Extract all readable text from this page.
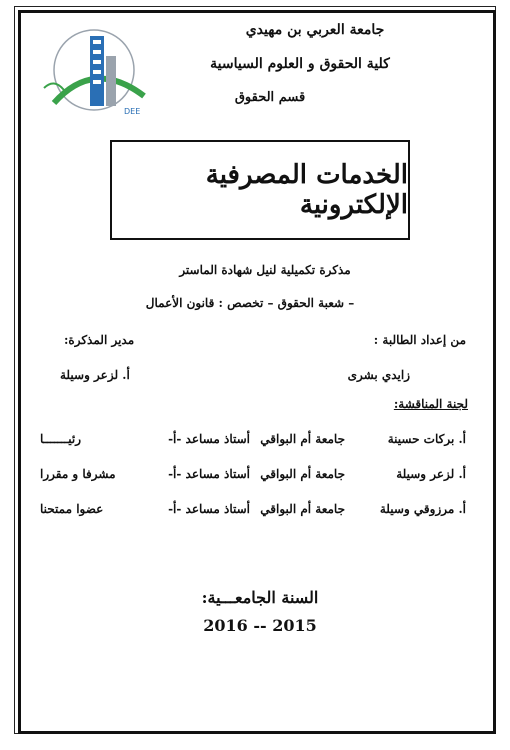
جامعة العربي بن مهيدي
كلية الحقوق و العلوم السياسية
قسم الحقوق
DEE
الخدمات المصرفية الإلكترونية
مذكرة تكميلية لنيل شهادة الماستر
– شعبة الحقوق – تخصص : قانون الأعمال
من إعداد الطالبة :
مدير المذكرة:
زايدي بشرى
أ. لزعر وسيلة
لجنة المناقشة:
أ. بركات حسينة
جامعة أم البواقي
أستاذ مساعد -أ-
رئيـــــــا
أ. لزعر وسيلة
جامعة أم البواقي
أستاذ مساعد -أ-
مشرفا و مقررا
أ. مرزوقي وسيلة
جامعة أم البواقي
أستاذ مساعد -أ-
عضوا ممتحنا
السنة الجامعـــية:
2016 -- 2015
